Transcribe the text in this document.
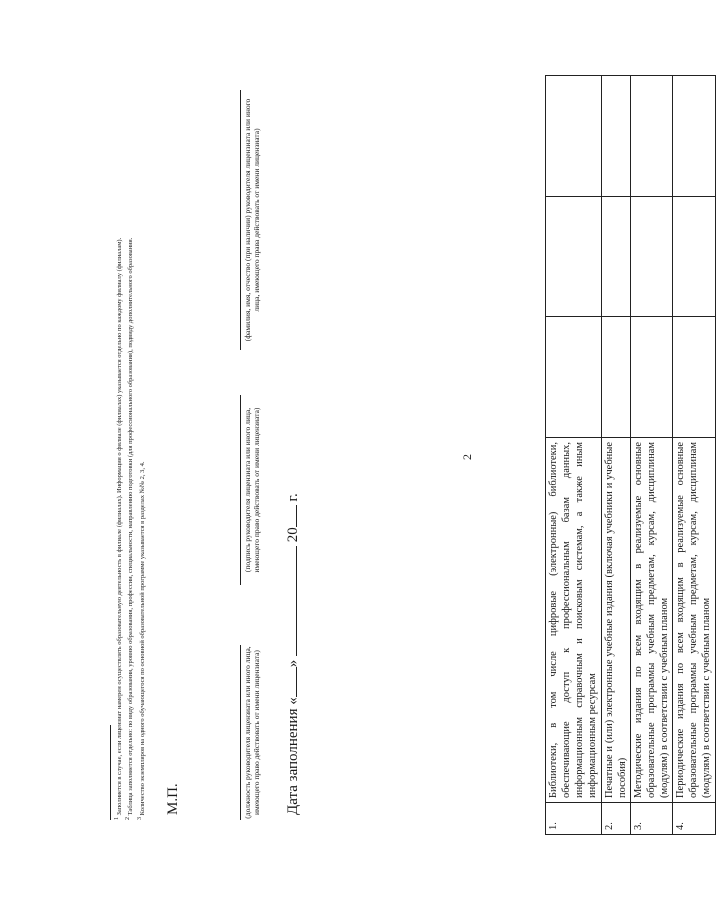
2
1.	Библиотеки, в том числе цифровые (электронные) библиотеки, обеспечивающие доступ к профессиональным базам данных, информационным справочным и поисковым системам, а также иным информационным ресурсам			
2.	Печатные и (или) электронные учебные издания (включая учебники и учебные пособия)			
3.	Методические издания по всем входящим в реализуемые основные образовательные программы учебным предметам, курсам, дисциплинам (модулям) в соответствии с учебным планом			
4.	Периодические издания по всем входящим в реализуемые основные образовательные программы учебным предметам, курсам, дисциплинам (модулям) в соответствии с учебным планом			
Дата заполнения «»  20 г.
(должность руководителя лицензиата или иного лица, имеющего право действовать от имени лицензиата)
(подпись руководителя лицензиата или иного лица, имеющего право действовать от имени лицензиата)
(фамилия, имя, отчество (при наличии) руководителя лицензиата или иного лица, имеющего права действовать от имени лицензиата)
М.П.

$^1$ Заполняется в случае, если лицензиат намерен осуществлять образовательную деятельность в филиале (филиалах). Информация о филиале (филиалах) указывается отдельно по каждому филиалу (филиалам).

$^2$ Таблица заполняется отдельно: по виду образования, уровню образования, профессии, специальности, направлению подготовки (для профессионального образования), подвиду дополнительного образования.

$^3$ Количество экземпляров на одного обучающегося по основной образовательной программе указывается в разделах №№ 2, 3, 4.
